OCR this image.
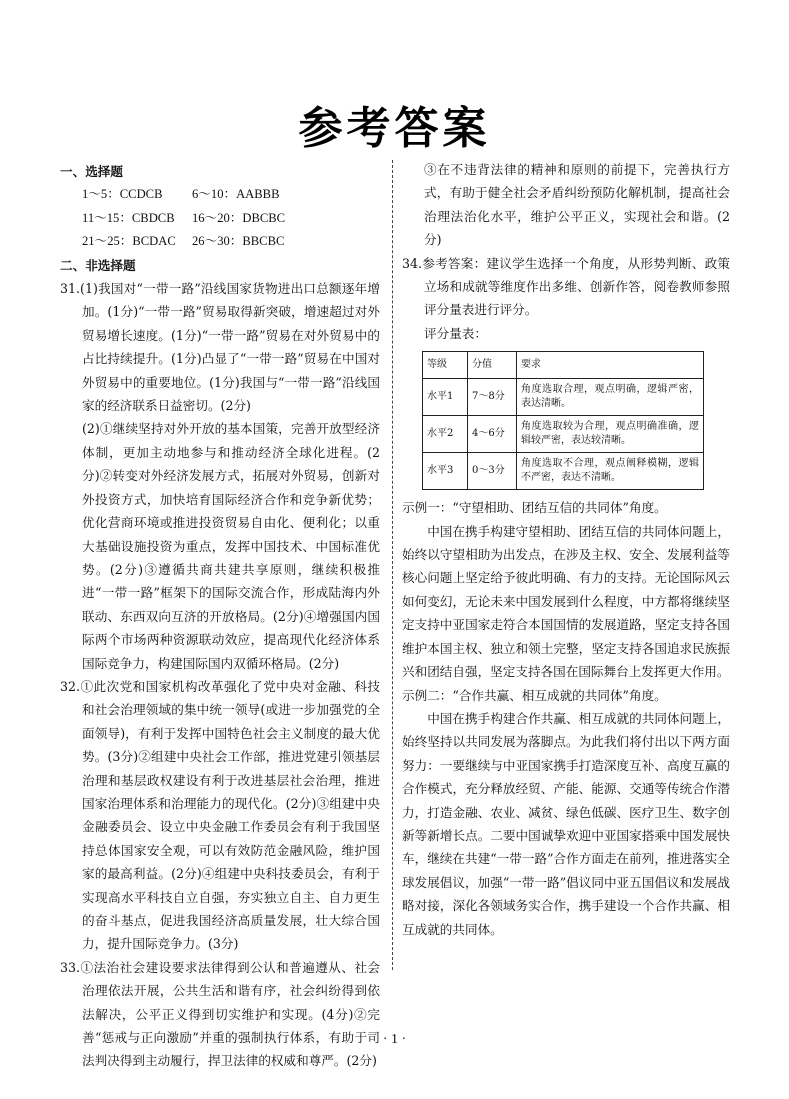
参考答案
一、选择题
1～5：CCDCB	6～10：AABBB
11～15：CBDCB	16～20：DBCBC
21～25：BCDAC	26～30：BBCBC
二、非选择题

31.(1)我国对“一带一路”沿线国家货物进出口总额逐年增加。(1分)“一带一路”贸易取得新突破，增速超过对外贸易增长速度。(1分)“一带一路”贸易在对外贸易中的占比持续提升。(1分)凸显了“一带一路”贸易在中国对外贸易中的重要地位。(1分)我国与“一带一路”沿线国家的经济联系日益密切。(2分)

(2)①继续坚持对外开放的基本国策，完善开放型经济体制，更加主动地参与和推动经济全球化进程。(2分)②转变对外经济发展方式，拓展对外贸易，创新对外投资方式，加快培育国际经济合作和竞争新优势；优化营商环境或推进投资贸易自由化、便利化；以重大基础设施投资为重点，发挥中国技术、中国标准优势。(2分)③遵循共商共建共享原则，继续积极推进“一带一路”框架下的国际交流合作，形成陆海内外联动、东西双向互济的开放格局。(2分)④增强国内国际两个市场两种资源联动效应，提高现代化经济体系国际竞争力，构建国际国内双循环格局。(2分)

32.①此次党和国家机构改革强化了党中央对金融、科技和社会治理领域的集中统一领导(或进一步加强党的全面领导)，有利于发挥中国特色社会主义制度的最大优势。(3分)②组建中央社会工作部，推进党建引领基层治理和基层政权建设有利于改进基层社会治理，推进国家治理体系和治理能力的现代化。(2分)③组建中央金融委员会、设立中央金融工作委员会有利于我国坚持总体国家安全观，可以有效防范金融风险，维护国家的最高利益。(2分)④组建中央科技委员会，有利于实现高水平科技自立自强，夯实独立自主、自力更生的奋斗基点，促进我国经济高质量发展，壮大综合国力，提升国际竞争力。(3分)

33.①法治社会建设要求法律得到公认和普遍遵从、社会治理依法开展，公共生活和谐有序，社会纠纷得到依法解决，公平正义得到切实维护和实现。(4分)②完善“惩戒与正向激励”并重的强制执行体系，有助于司法判决得到主动履行，捍卫法律的权威和尊严。(2分)

③在不违背法律的精神和原则的前提下，完善执行方式，有助于健全社会矛盾纠纷预防化解机制，提高社会治理法治化水平，维护公平正义，实现社会和谐。(2分)

34.参考答案：建议学生选择一个角度，从形势判断、政策立场和成就等维度作出多维、创新作答，阅卷教师参照评分量表进行评分。

评分量表：

等级	分值	要求
水平1	7～8分	角度选取合理，观点明确，逻辑严密，表达清晰。
水平2	4～6分	角度选取较为合理，观点明确准确，逻辑较严密，表达较清晰。
水平3	0～3分	角度选取不合理，观点阐释模糊，逻辑不严密，表达不清晰。

示例一：“守望相助、团结互信的共同体”角度。

中国在携手构建守望相助、团结互信的共同体问题上，始终以守望相助为出发点，在涉及主权、安全、发展利益等核心问题上坚定给予彼此明确、有力的支持。无论国际风云如何变幻，无论未来中国发展到什么程度，中方都将继续坚定支持中亚国家走符合本国国情的发展道路，坚定支持各国维护本国主权、独立和领土完整，坚定支持各国追求民族振兴和团结自强，坚定支持各国在国际舞台上发挥更大作用。

示例二：“合作共赢、相互成就的共同体”角度。

中国在携手构建合作共赢、相互成就的共同体问题上，始终坚持以共同发展为落脚点。为此我们将付出以下两方面努力：一要继续与中亚国家携手打造深度互补、高度互赢的合作模式，充分释放经贸、产能、能源、交通等传统合作潜力，打造金融、农业、减贫、绿色低碳、医疗卫生、数字创新等新增长点。二要中国诚挚欢迎中亚国家搭乘中国发展快车，继续在共建“一带一路”合作方面走在前列，推进落实全球发展倡议，加强“一带一路”倡议同中亚五国倡议和发展战略对接，深化各领域务实合作，携手建设一个合作共赢、相互成就的共同体。

· 1 ·
